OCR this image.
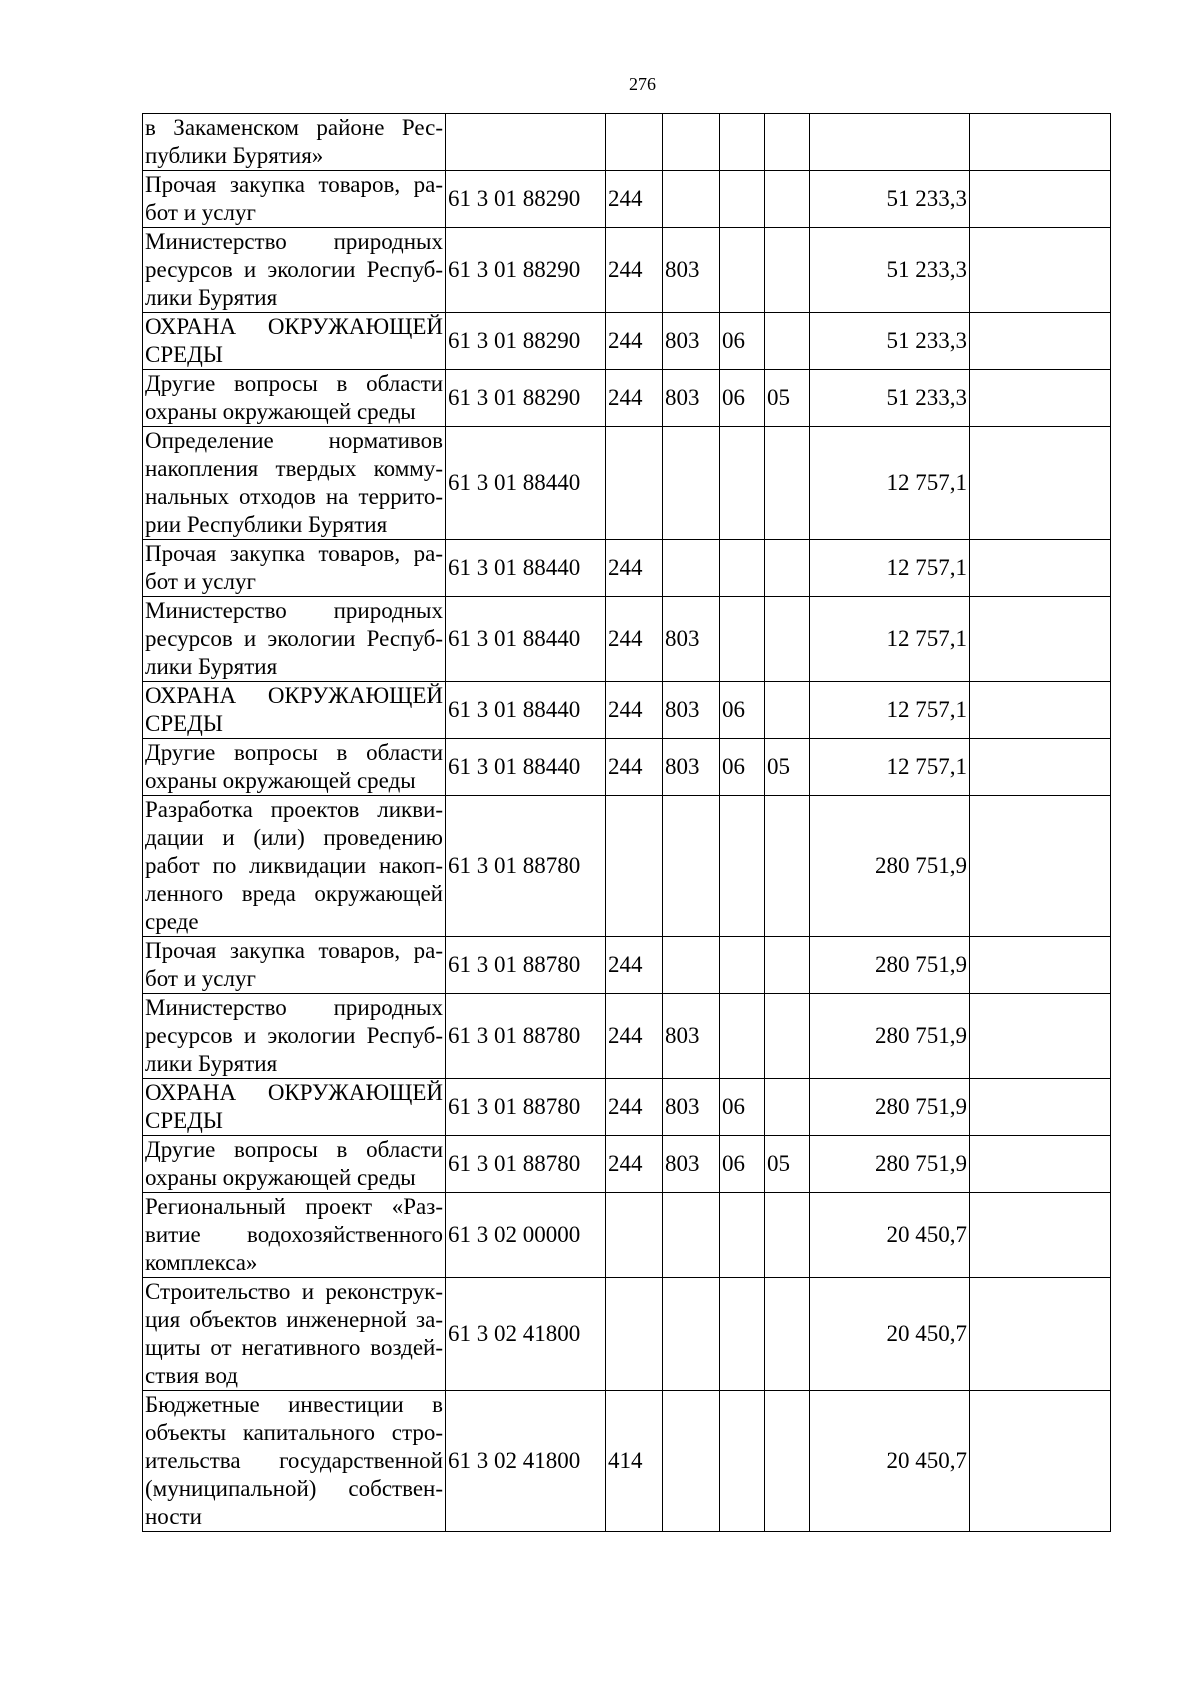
276
в Закаменском районе Рес-публики Бурятия»							
Прочая закупка товаров, ра-бот и услуг	61 3 01 88290	244				51 233,3	
Министерство природных ресурсов и экологии Респуб-лики Бурятия	61 3 01 88290	244	803			51 233,3	
ОХРАНА ОКРУЖАЮЩЕЙ СРЕДЫ	61 3 01 88290	244	803	06		51 233,3	
Другие вопросы в области охраны окружающей среды	61 3 01 88290	244	803	06	05	51 233,3	
Определение нормативов накопления твердых комму-нальных отходов на террито-рии Республики Бурятия	61 3 01 88440					12 757,1	
Прочая закупка товаров, ра-бот и услуг	61 3 01 88440	244				12 757,1	
Министерство природных ресурсов и экологии Респуб-лики Бурятия	61 3 01 88440	244	803			12 757,1	
ОХРАНА ОКРУЖАЮЩЕЙ СРЕДЫ	61 3 01 88440	244	803	06		12 757,1	
Другие вопросы в области охраны окружающей среды	61 3 01 88440	244	803	06	05	12 757,1	
Разработка проектов ликви-дации и (или) проведению работ по ликвидации накоп-ленного вреда окружающей среде	61 3 01 88780					280 751,9	
Прочая закупка товаров, ра-бот и услуг	61 3 01 88780	244				280 751,9	
Министерство природных ресурсов и экологии Респуб-лики Бурятия	61 3 01 88780	244	803			280 751,9	
ОХРАНА ОКРУЖАЮЩЕЙ СРЕДЫ	61 3 01 88780	244	803	06		280 751,9	
Другие вопросы в области охраны окружающей среды	61 3 01 88780	244	803	06	05	280 751,9	
Региональный проект «Раз-витие водохозяйственного комплекса»	61 3 02 00000					20 450,7	
Строительство и реконструк-ция объектов инженерной за-щиты от негативного воздей-ствия вод	61 3 02 41800					20 450,7	
Бюджетные инвестиции в объекты капитального стро-ительства государственной (муниципальной) собствен-ности	61 3 02 41800	414				20 450,7	
